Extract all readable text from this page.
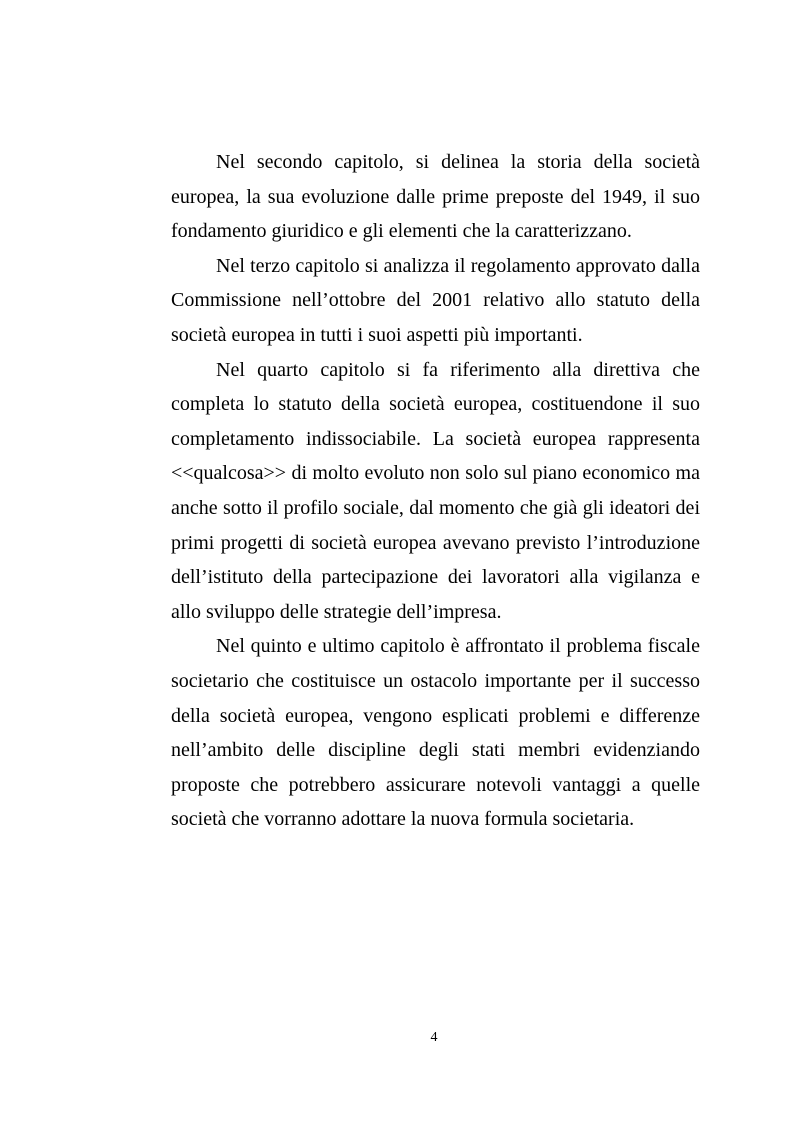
Nel secondo capitolo, si delinea la storia della società europea, la sua evoluzione dalle prime preposte del 1949, il suo fondamento giuridico e gli elementi che la caratterizzano.

Nel terzo capitolo si analizza il regolamento approvato dalla Commissione nell’ottobre del 2001 relativo allo statuto della società europea in tutti i suoi aspetti più importanti.

Nel quarto capitolo si fa riferimento alla direttiva che completa lo statuto della società europea, costituendone il suo completamento indissociabile. La società europea rappresenta <<qualcosa>> di molto evoluto non solo sul piano economico ma anche sotto il profilo sociale, dal momento che già gli ideatori dei primi progetti di società europea avevano previsto l’introduzione dell’istituto della partecipazione dei lavoratori alla vigilanza e allo sviluppo delle strategie dell’impresa.

Nel quinto e ultimo capitolo è affrontato il problema fiscale societario che costituisce un ostacolo importante per il successo della società europea, vengono esplicati problemi e differenze nell’ambito delle discipline degli stati membri evidenziando proposte che potrebbero assicurare notevoli vantaggi a quelle società che vorranno adottare la nuova formula societaria.

4
